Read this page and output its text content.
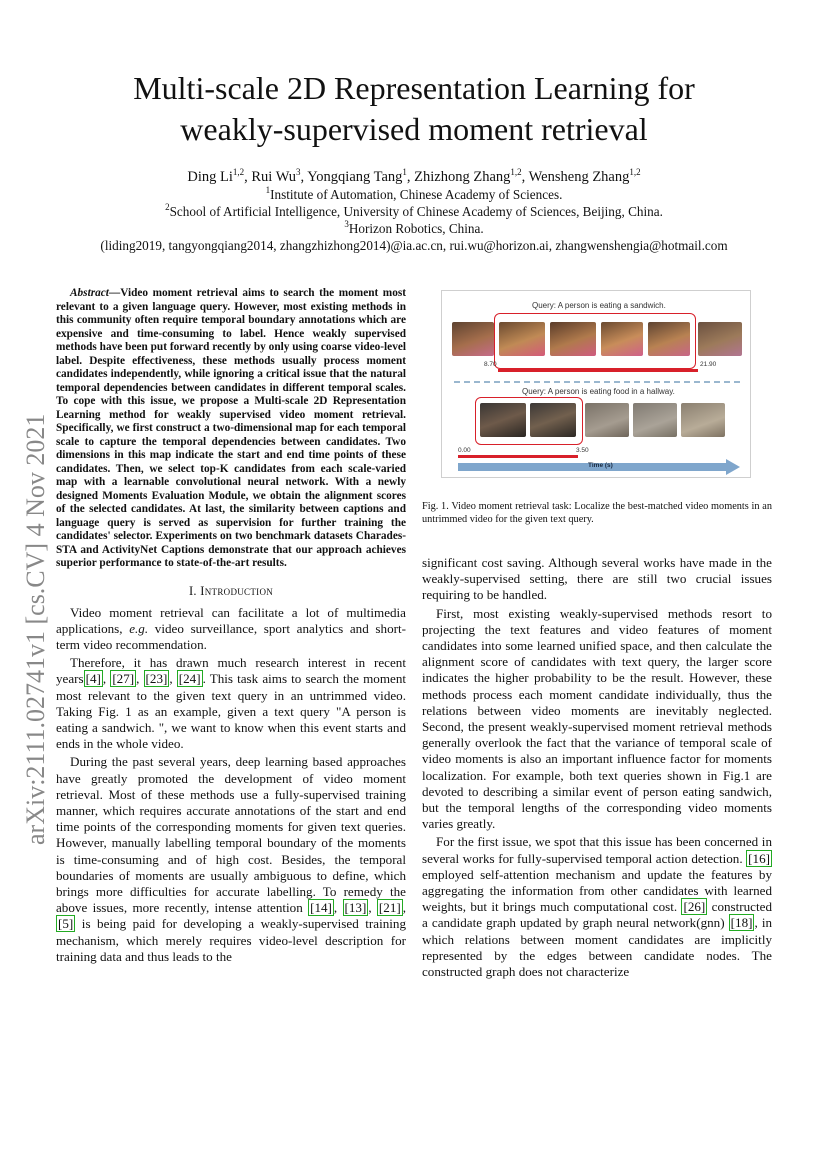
Multi-scale 2D Representation Learning for
weakly-supervised moment retrieval
Ding Li$^{1,2}$, Rui Wu$^3$, Yongqiang Tang$^1$, Zhizhong Zhang$^{1,2}$, Wensheng Zhang$^{1,2}$
$^1$Institute of Automation, Chinese Academy of Sciences.
$^2$School of Artificial Intelligence, University of Chinese Academy of Sciences, Beijing, China.
$^3$Horizon Robotics, China.
(liding2019, tangyongqiang2014, zhangzhizhong2014)@ia.ac.cn, rui.wu@horizon.ai, zhangwenshengia@hotmail.com
arXiv:2111.02741v1 [cs.CV] 4 Nov 2021

Abstract—Video moment retrieval aims to search the moment most relevant to a given language query. However, most existing methods in this community often require temporal boundary annotations which are expensive and time-consuming to label. Hence weakly supervised methods have been put forward recently by only using coarse video-level label. Despite effectiveness, these methods usually process moment candidates independently, while ignoring a critical issue that the natural temporal dependencies between candidates in different temporal scales. To cope with this issue, we propose a Multi-scale 2D Representation Learning method for weakly supervised video moment retrieval. Specifically, we first construct a two-dimensional map for each temporal scale to capture the temporal dependencies between candidates. Two dimensions in this map indicate the start and end time points of these candidates. Then, we select top-K candidates from each scale-varied map with a learnable convolutional neural network. With a newly designed Moments Evaluation Module, we obtain the alignment scores of the selected candidates. At last, the similarity between captions and language query is served as supervision for further training the candidates' selector. Experiments on two benchmark datasets Charades-STA and ActivityNet Captions demonstrate that our approach achieves superior performance to state-of-the-art results.

I. Introduction

Video moment retrieval can facilitate a lot of multimedia applications, e.g. video surveillance, sport analytics and short-term video recommendation.

Therefore, it has drawn much research interest in recent years [4] , [27] , [23] , [24] . This task aims to search the moment most relevant to the given text query in an untrimmed video. Taking Fig. 1 as an example, given a text query "A person is eating a sandwich. ", we want to know when this event starts and ends in the whole video.

During the past several years, deep learning based approaches have greatly promoted the development of video moment retrieval. Most of these methods use a fully-supervised training manner, which requires accurate annotations of the start and end time points of the corresponding moments for given text queries. However, manually labelling temporal boundary of the moments is time-consuming and of high cost. Besides, the temporal boundaries of moments are usually ambiguous to define, which brings more difficulties for accurate labelling. To remedy the above issues, more recently, intense attention [14] , [13] , [21] , [5] is being paid for developing a weakly-supervised training mechanism, which merely requires video-level description for training data and thus leads to the

Query: A person is eating a sandwich.
8.70	21.90
Query: A person is eating food in a hallway.
0.00	3.50
Time (s)
Fig. 1. Video moment retrieval task: Localize the best-matched video moments in an untrimmed video for the given text query.

significant cost saving. Although several works have made in the weakly-supervised setting, there are still two crucial issues requiring to be handled.

First, most existing weakly-supervised methods resort to projecting the text features and video features of moment candidates into some learned unified space, and then calculate the alignment score of candidates with text query, the larger score indicates the higher probability to be the result. However, these methods process each moment candidate individually, thus the relations between video moments are inevitably neglected. Second, the present weakly-supervised moment retrieval methods generally overlook the fact that the variance of temporal scale of video moments is also an important influence factor for moments localization. For example, both text queries shown in Fig.1 are devoted to describing a similar event of person eating sandwich, but the temporal lengths of the corresponding video moments varies greatly.

For the first issue, we spot that this issue has been concerned in several works for fully-supervised temporal action detection. [16] employed self-attention mechanism and update the features by aggregating the information from other candidates with learned weights, but it brings much computational cost. [26] constructed a candidate graph updated by graph neural network(gnn) [18] , in which relations between moment candidates are implicitly represented by the edges between candidate nodes. The constructed graph does not characterize
